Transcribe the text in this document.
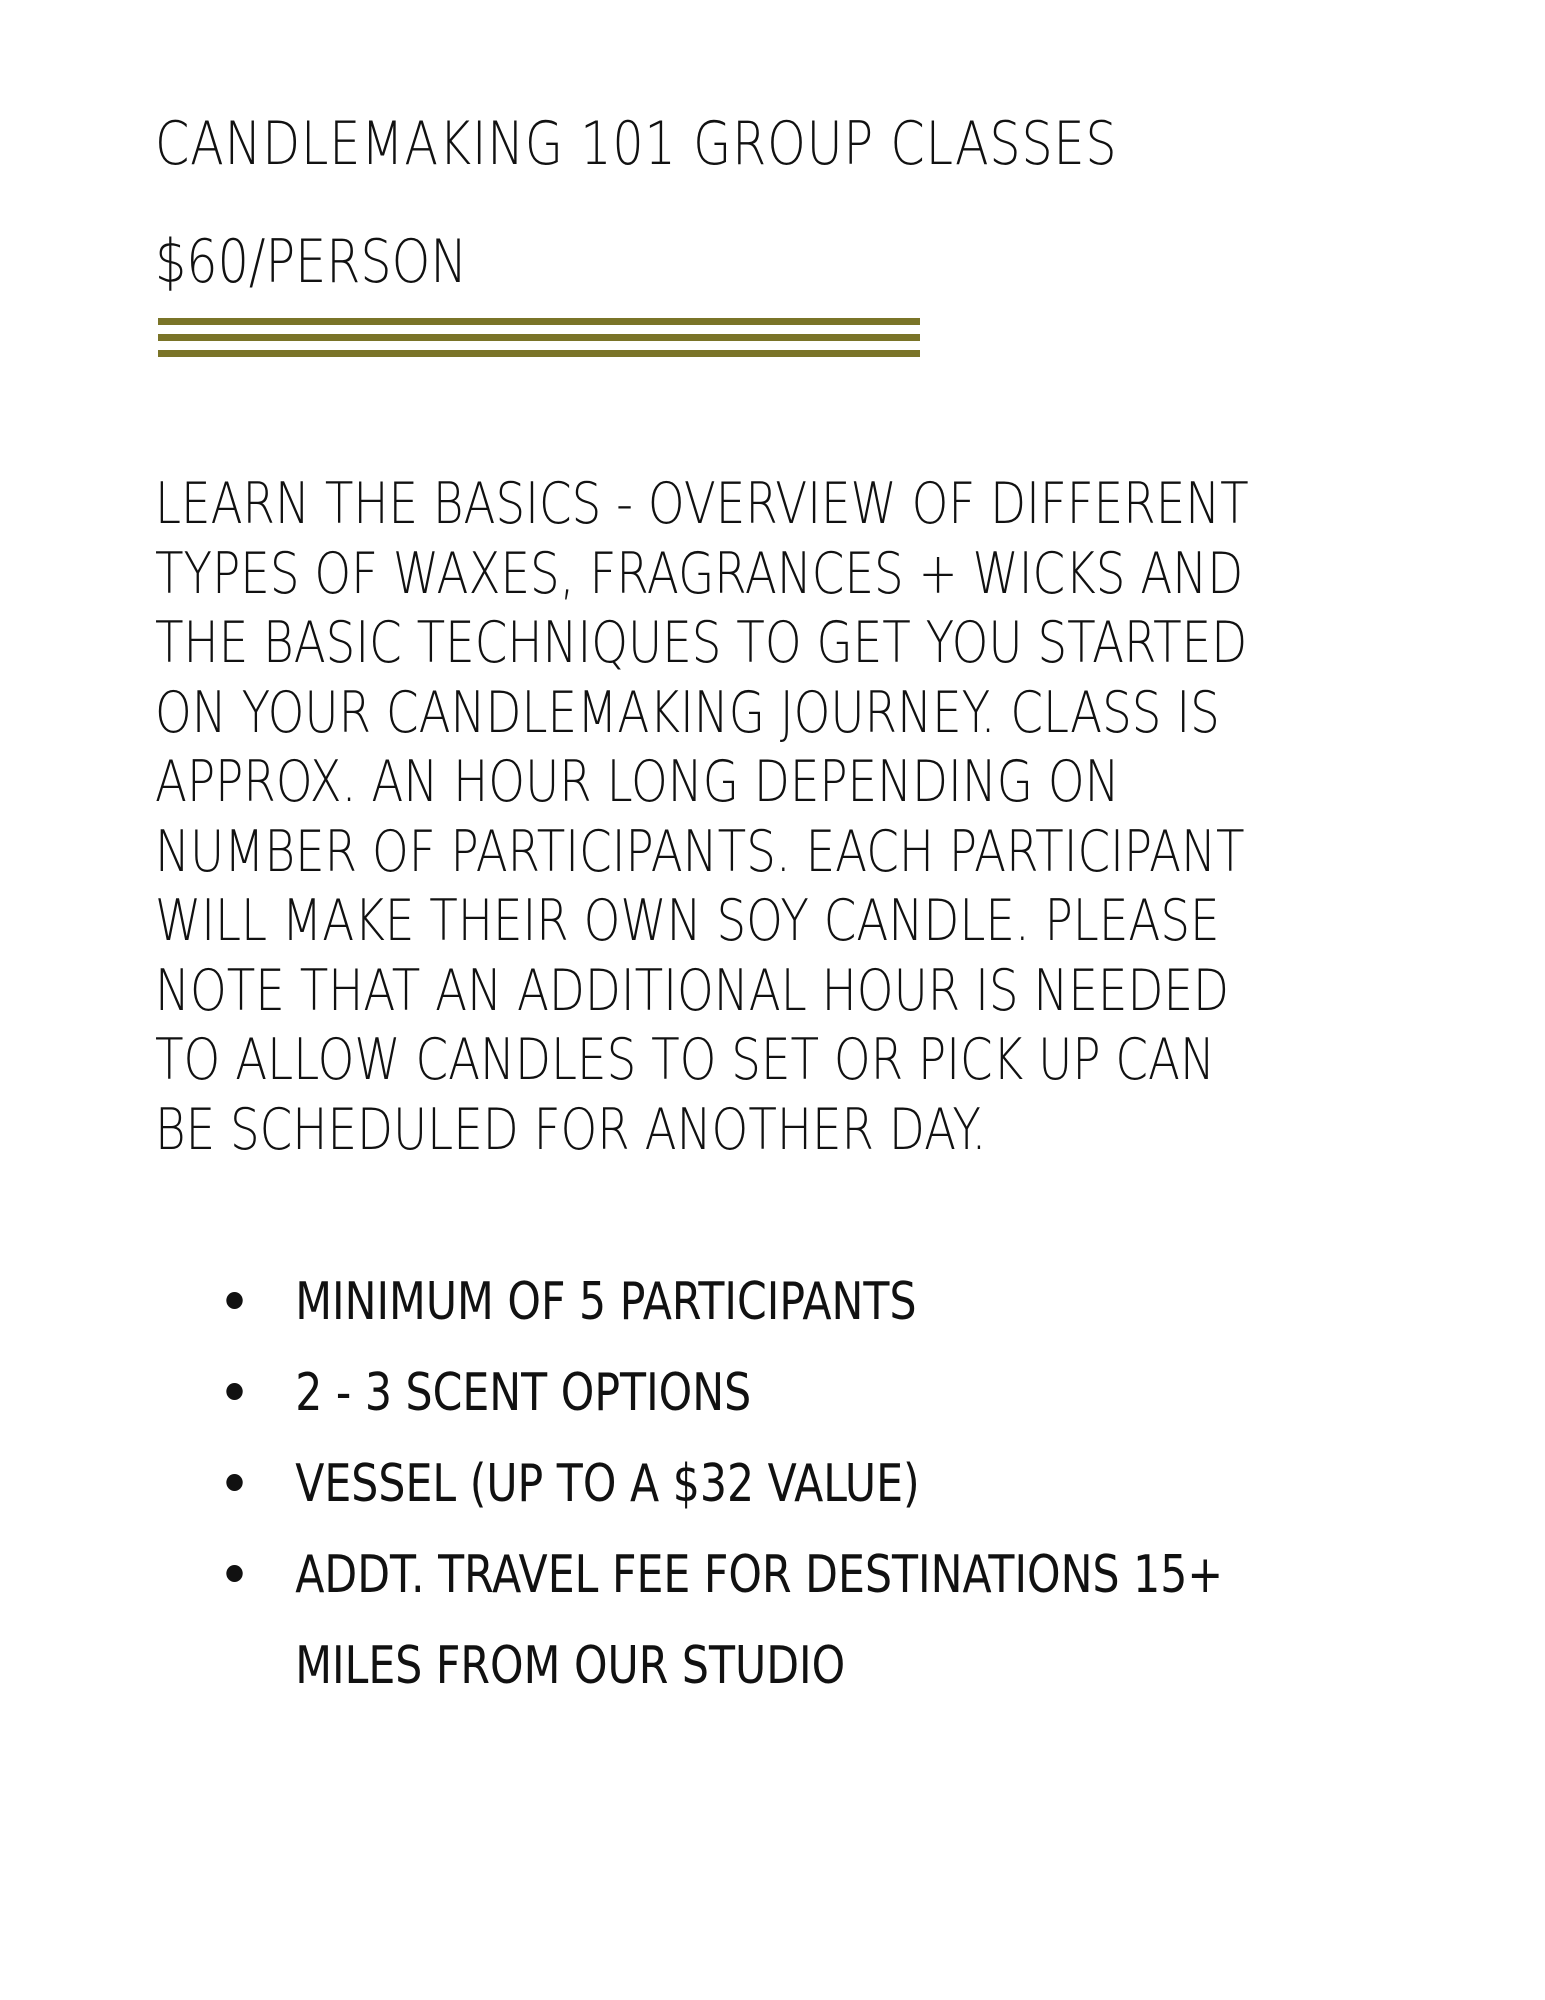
CANDLEMAKING 101 GROUP CLASSES
$60/PERSON

LEARN THE BASICS - OVERVIEW OF DIFFERENT
TYPES OF WAXES, FRAGRANCES + WICKS AND
THE BASIC TECHNIQUES TO GET YOU STARTED
ON YOUR CANDLEMAKING JOURNEY. CLASS IS
APPROX. AN HOUR LONG DEPENDING ON
NUMBER OF PARTICIPANTS. EACH PARTICIPANT
WILL MAKE THEIR OWN SOY CANDLE. PLEASE
NOTE THAT AN ADDITIONAL HOUR IS NEEDED
TO ALLOW CANDLES TO SET OR PICK UP CAN
BE SCHEDULED FOR ANOTHER DAY.

MINIMUM OF 5 PARTICIPANTS
2 - 3 SCENT OPTIONS
VESSEL (UP TO A $32 VALUE)
ADDT. TRAVEL FEE FOR DESTINATIONS 15+
MILES FROM OUR STUDIO
